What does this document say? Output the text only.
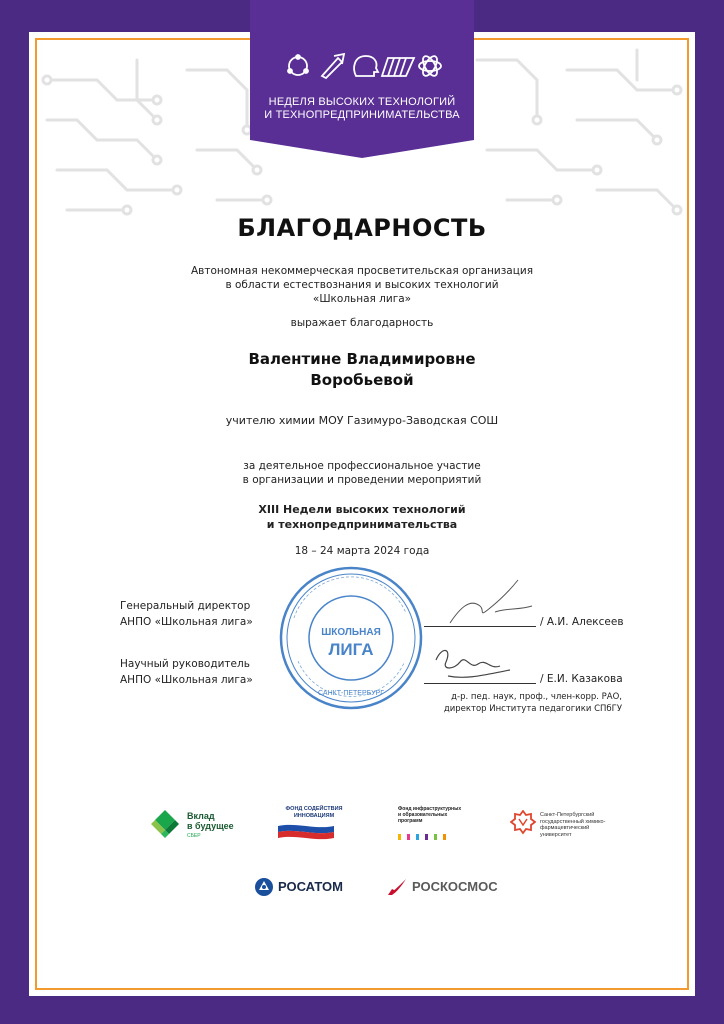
НЕДЕЛЯ ВЫСОКИХ ТЕХНОЛОГИЙ
И ТЕХНОПРЕДПРИНИМАТЕЛЬСТВА
БЛАГОДАРНОСТЬ
Автономная некоммерческая просветительская организация
в области естествознания и высоких технологий
«Школьная лига»
выражает благодарность
Валентине Владимировне
Воробьевой
учителю химии МОУ Газимуро-Заводская СОШ
за деятельное профессиональное участие
в организации и проведении мероприятий
XIII Недели высоких технологий
и технопредпринимательства
18 – 24 марта 2024 года
Генеральный директор
АНПО «Школьная лига»	/ А.И. Алексеев
Научный руководитель
АНПО «Школьная лига»	/ Е.И. Казакова
д-р. пед. наук, проф., член-корр. РАО,
директор Института педагогики СПбГУ
ШКОЛЬНАЯ
ЛИГА
САНКТ-ПЕТЕРБУРГ
Вклад
в будущее
СБЕР
ФОНД СОДЕЙСТВИЯ
ИННОВАЦИЯМ
Фонд инфраструктурных
и образовательных
программ
Санкт-Петербургский
государственный химико-
фармацевтический университет
РОСАТОМ	РОСКОСМОС
